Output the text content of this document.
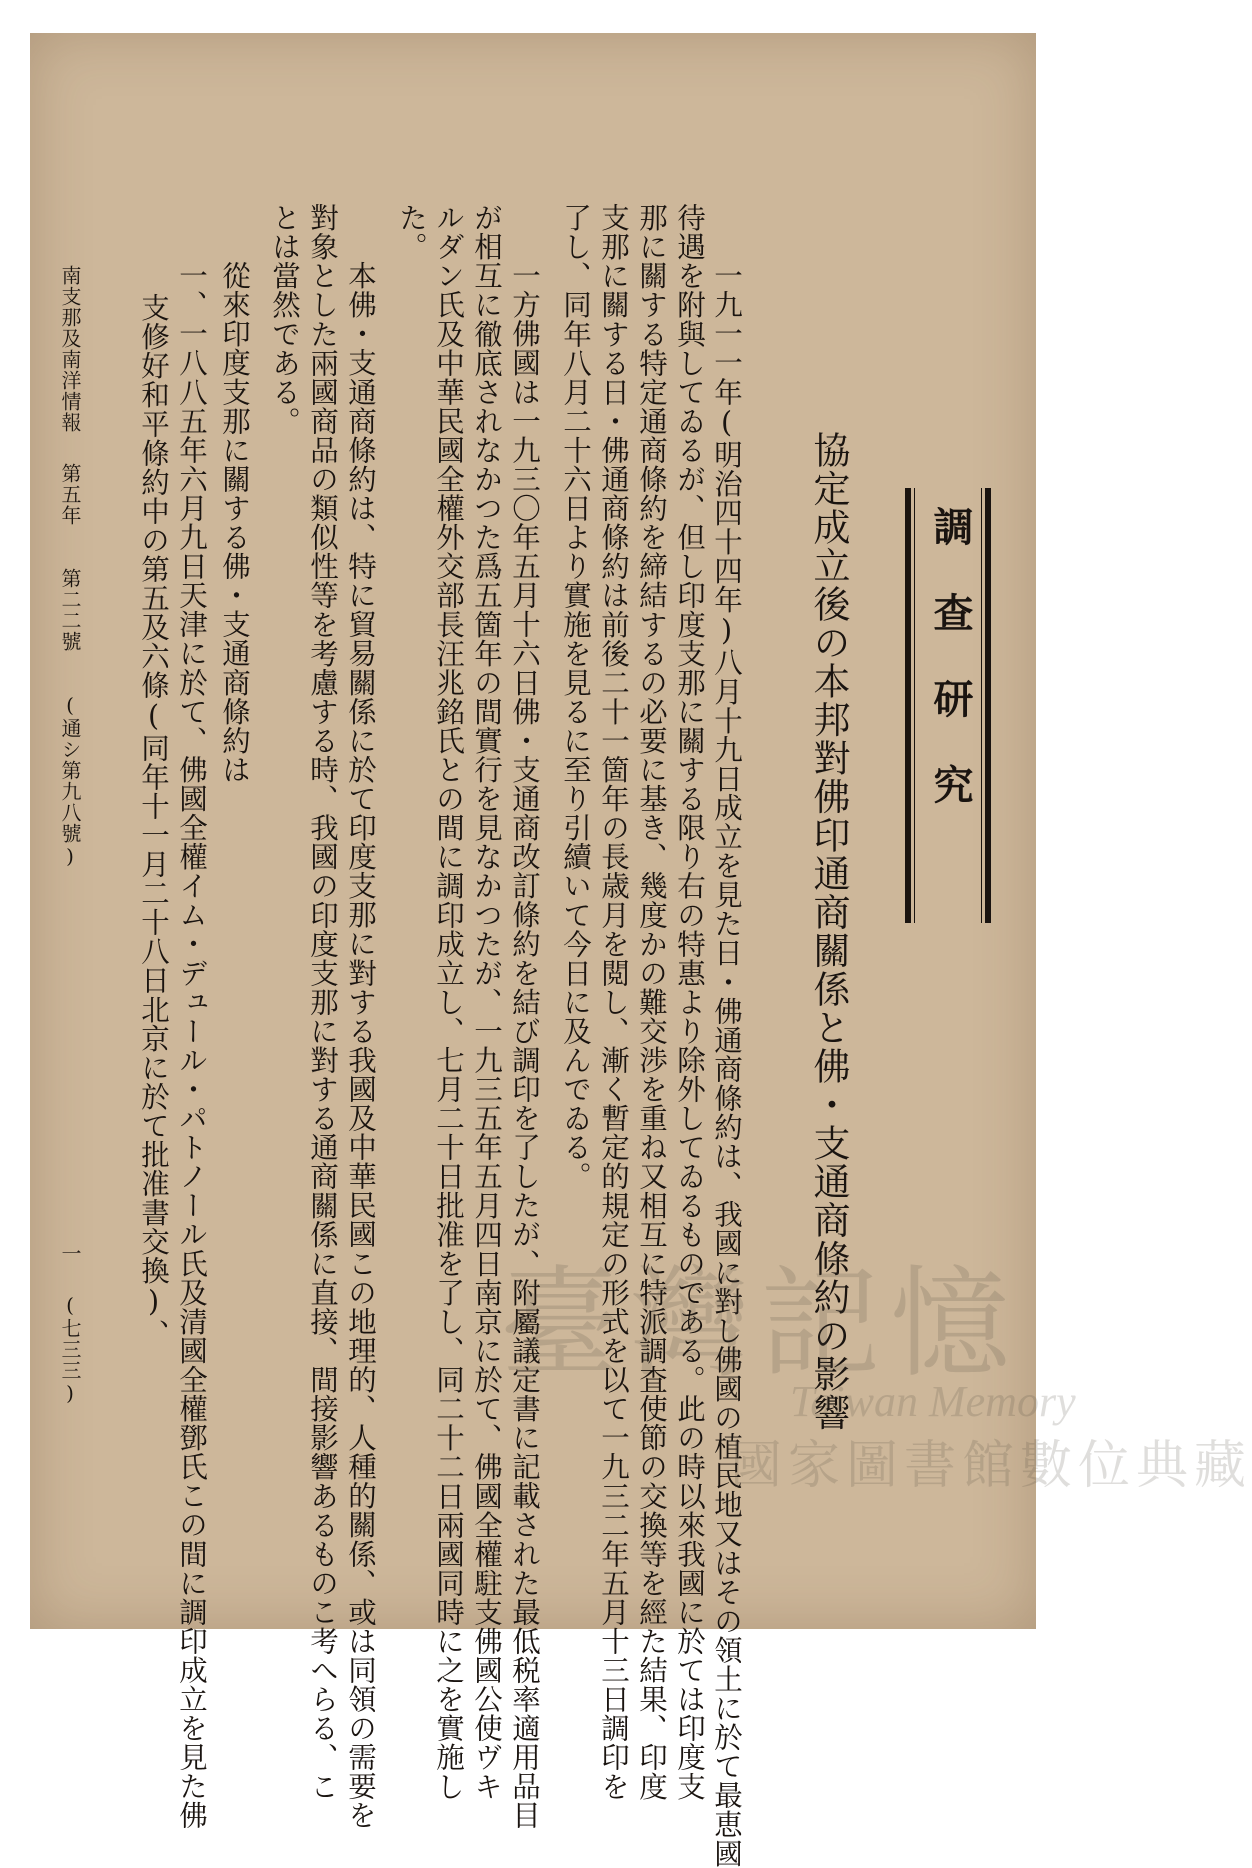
調查研究
協定成立後の本邦對佛印通商關係と佛・支通商條約の影響
一九一一年(明治四十四年)八月十九日成立を見た日・佛通商條約は、我國に對し佛國の植民地又はその領土に於て最恵國
待遇を附與してゐるが、但し印度支那に關する限り右の特惠より除外してゐるものである。此の時以來我國に於ては印度支
那に關する特定通商條約を締結するの必要に基き、幾度かの難交渉を重ね又相互に特派調査使節の交換等を經た結果、印度
支那に關する日・佛通商條約は前後二十一箇年の長歳月を閲し、漸く暫定的規定の形式を以て一九三二年五月十三日調印を
了し、同年八月二十六日より實施を見るに至り引續いて今日に及んでゐる。
一方佛國は一九三〇年五月十六日佛・支通商改訂條約を結び調印を了したが、附屬議定書に記載された最低税率適用品目
が相互に徹底されなかつた爲五箇年の間實行を見なかつたが、一九三五年五月四日南京に於て、佛國全權駐支佛國公使ヴキ
ルダン氏及中華民國全權外交部長汪兆銘氏との間に調印成立し、七月二十日批准を了し、同二十二日兩國同時に之を實施し
た。
本佛・支通商條約は、特に貿易關係に於て印度支那に對する我國及中華民國この地理的、人種的關係、或は同領の需要を
對象とした兩國商品の類似性等を考慮する時、我國の印度支那に對する通商關係に直接、間接影響あるものこ考へらる、こ
とは當然である。
從來印度支那に關する佛・支通商條約は
一、一八八五年六月九日天津に於て、佛國全權イム・デュール・パトノール氏及清國全權鄧氏この間に調印成立を見た佛
支修好和平條約中の第五及六條(同年十一月二十八日北京に於て批准書交換)、
南支那及南洋情報
第五年
第二二號
(通シ第九八號)
一
(七三三)	臺灣記憶
Taiwan Memory
國家圖書館數位典藏
